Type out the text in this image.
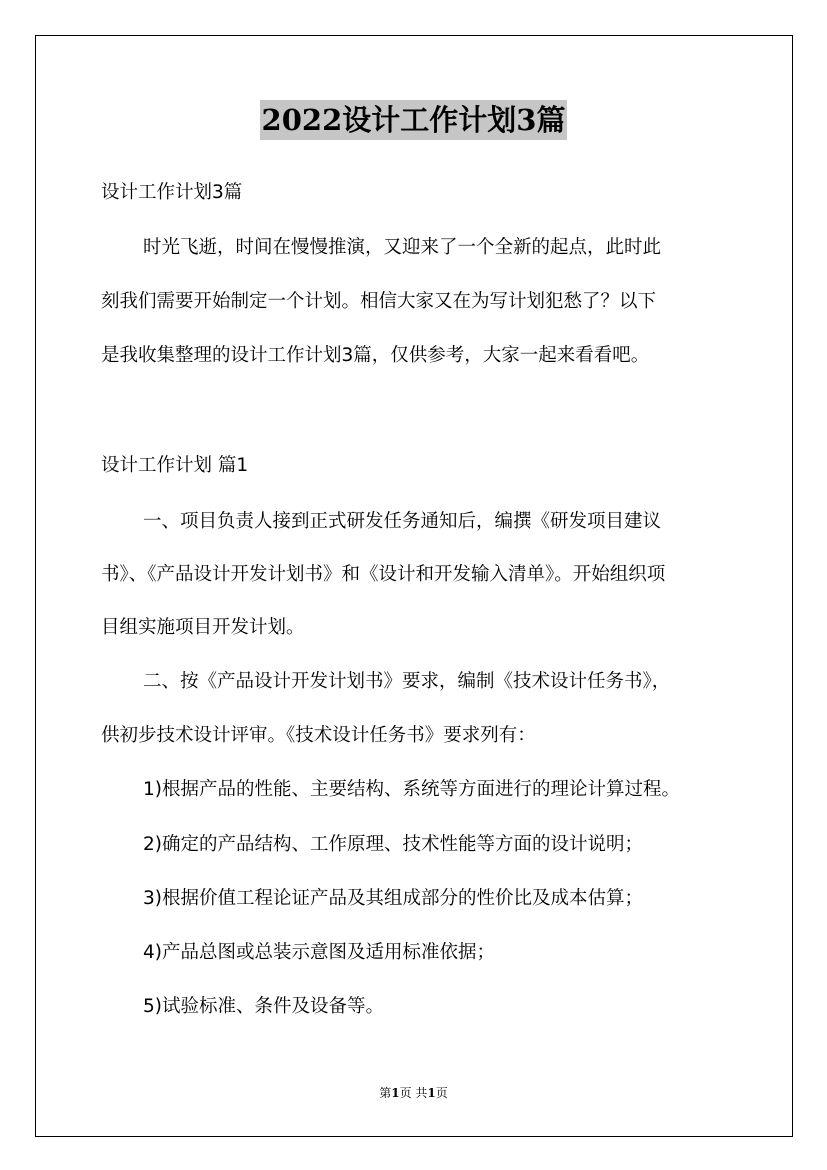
2022设计工作计划3篇
设计工作计划3篇
时光飞逝，时间在慢慢推演，又迎来了一个全新的起点，此时此
刻我们需要开始制定一个计划。相信大家又在为写计划犯愁了？以下
是我收集整理的设计工作计划3篇，仅供参考，大家一起来看看吧。
设计工作计划 篇1
一、项目负责人接到正式研发任务通知后，编撰《研发项目建议
书》、《产品设计开发计划书》和《设计和开发输入清单》。开始组织项
目组实施项目开发计划。
二、按《产品设计开发计划书》要求，编制《技术设计任务书》，
供初步技术设计评审。《技术设计任务书》要求列有：
1)根据产品的性能、主要结构、系统等方面进行的理论计算过程。
2)确定的产品结构、工作原理、技术性能等方面的设计说明；
3)根据价值工程论证产品及其组成部分的性价比及成本估算；
4)产品总图或总装示意图及适用标准依据；
5)试验标准、条件及设备等。
第1页 共1页
